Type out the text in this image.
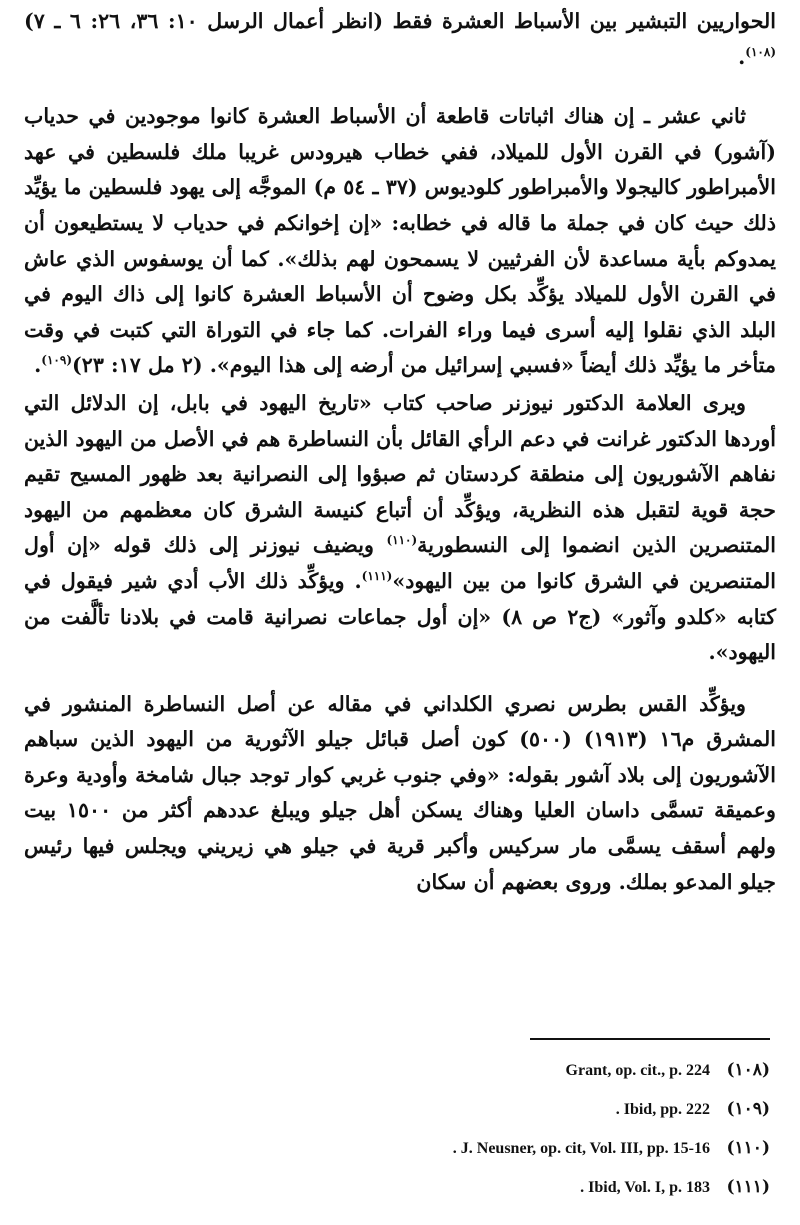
الحواريين التبشير بين الأسباط العشرة فقط (انظر أعمال الرسل ١٠: ٣٦، ٢٦: ٦ ـ ٧)$^{(١٠٨)}$.

ثاني عشر ـ إن هناك اثباتات قاطعة أن الأسباط العشرة كانوا موجودين في حدياب (آشور) في القرن الأول للميلاد، ففي خطاب هيرودس غريبا ملك فلسطين في عهد الأمبراطور كاليجولا والأمبراطور كلوديوس (٣٧ ـ ٥٤ م) الموجَّه إلى يهود فلسطين ما يؤيِّد ذلك حيث كان في جملة ما قاله في خطابه: «إن إخوانكم في حدياب لا يستطيعون أن يمدوكم بأية مساعدة لأن الفرثيين لا يسمحون لهم بذلك». كما أن يوسفوس الذي عاش في القرن الأول للميلاد يؤكِّد بكل وضوح أن الأسباط العشرة كانوا إلى ذاك اليوم في البلد الذي نقلوا إليه أسرى فيما وراء الفرات. كما جاء في التوراة التي كتبت في وقت متأخر ما يؤيِّد ذلك أيضاً «فسبي إسرائيل من أرضه إلى هذا اليوم». (٢ مل ١٧: ٢٣)$^{(١٠٩)}$.

ويرى العلامة الدكتور نيوزنر صاحب كتاب «تاريخ اليهود في بابل، إن الدلائل التي أوردها الدكتور غرانت في دعم الرأي القائل بأن النساطرة هم في الأصل من اليهود الذين نفاهم الآشوريون إلى منطقة كردستان ثم صبؤوا إلى النصرانية بعد ظهور المسيح تقيم حجة قوية لتقبل هذه النظرية، ويؤكِّد أن أتباع كنيسة الشرق كان معظمهم من اليهود المتنصرين الذين انضموا إلى النسطورية$^{(١١٠)}$ ويضيف نيوزنر إلى ذلك قوله «إن أول المتنصرين في الشرق كانوا من بين اليهود»$^{(١١١)}$. ويؤكِّد ذلك الأب أدي شير فيقول في كتابه «كلدو وآثور» (ج٢ ص ٨) «إن أول جماعات نصرانية قامت في بلادنا تألَّفت من اليهود».

ويؤكِّد القس بطرس نصري الكلداني في مقاله عن أصل النساطرة المنشور في المشرق م١٦ (١٩١٣) (٥٠٠) كون أصل قبائل جيلو الآثورية من اليهود الذين سباهم الآشوريون إلى بلاد آشور بقوله: «وفي جنوب غربي كوار توجد جبال شامخة وأودية وعرة وعميقة تسمَّى داسان العليا وهناك يسكن أهل جيلو ويبلغ عددهم أكثر من ١٥٠٠ بيت ولهم أسقف يسمَّى مار سركيس وأكبر قرية في جيلو هي زيريني ويجلس فيها رئيس جيلو المدعو بملك. وروى بعضهم أن سكان

(١٠٨)
Grant, op. cit., p. 224
(١٠٩)
. Ibid, pp. 222
(١١٠)
. J. Neusner, op. cit, Vol. III, pp. 15-16
(١١١)
. Ibid, Vol. I, p. 183
